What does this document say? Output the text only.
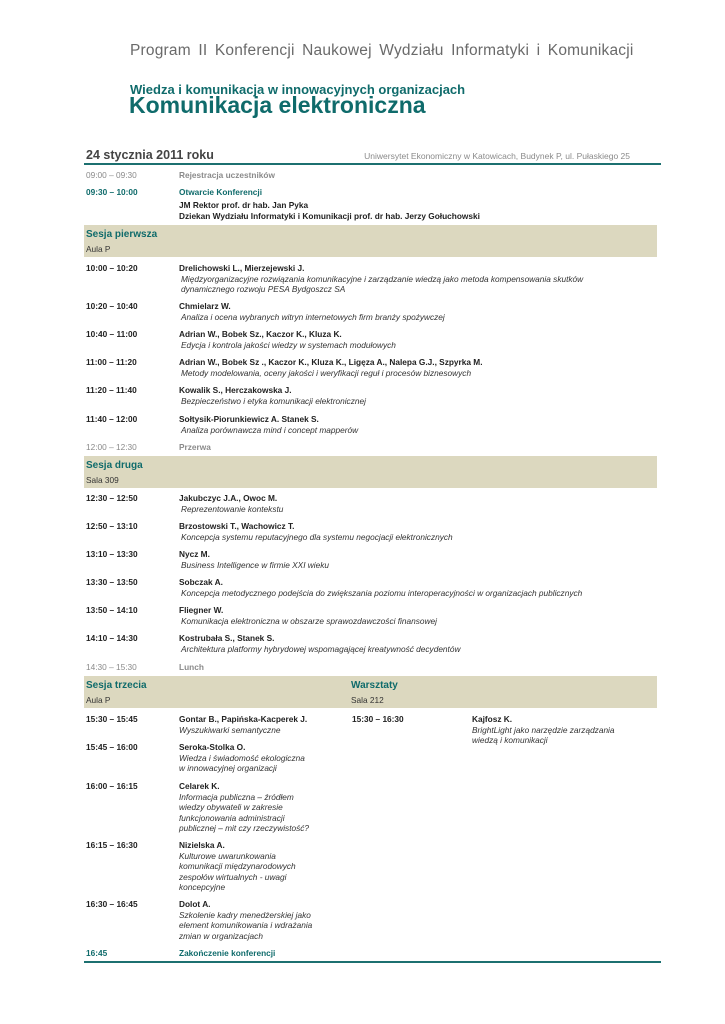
Program II Konferencji Naukowej Wydziału Informatyki i Komunikacji
Wiedza i komunikacja w innowacyjnych organizacjach
Komunikacja elektroniczna
24 stycznia 2011 roku	Uniwersytet Ekonomiczny w Katowicach, Budynek P, ul. Pułaskiego 25
09:00 – 09:30	Rejestracja uczestników
09:30 – 10:00	Otwarcie Konferencji
JM Rektor prof. dr hab. Jan Pyka
Dziekan Wydziału Informatyki i Komunikacji prof. dr hab. Jerzy Gołuchowski
Sesja pierwsza
Aula P
10:00 – 10:20	Drelichowski L., Mierzejewski J.
Międzyorganizacyjne rozwiązania komunikacyjne i zarządzanie wiedzą jako metoda kompensowania skutków
dynamicznego rozwoju PESA Bydgoszcz SA
10:20 – 10:40	Chmielarz W.
Analiza i ocena wybranych witryn internetowych firm branży spożywczej
10:40 – 11:00	Adrian W., Bobek Sz., Kaczor K., Kluza K.
Edycja i kontrola jakości wiedzy w systemach modułowych
11:00 – 11:20	Adrian W., Bobek Sz ., Kaczor K., Kluza K., Ligęza A., Nalepa G.J., Szpyrka M.
Metody modelowania, oceny jakości i weryfikacji reguł i procesów biznesowych
11:20 – 11:40	Kowalik S., Herczakowska J.
Bezpieczeństwo i etyka komunikacji elektronicznej
11:40 – 12:00	Sołtysik-Piorunkiewicz A. Stanek S.
Analiza porównawcza mind i concept mapperów
12:00 – 12:30	Przerwa
Sesja druga
Sala 309
12:30 – 12:50	Jakubczyc J.A., Owoc M.
Reprezentowanie kontekstu
12:50 – 13:10	Brzostowski T., Wachowicz T.
Koncepcja systemu reputacyjnego dla systemu negocjacji elektronicznych
13:10 – 13:30	Nycz M.
Business Intelligence w firmie XXI wieku
13:30 – 13:50	Sobczak A.
Koncepcja metodycznego podejścia do zwiększania poziomu interoperacyjności w organizacjach publicznych
13:50 – 14:10	Fliegner W.
Komunikacja elektroniczna w obszarze sprawozdawczości finansowej
14:10 – 14:30	Kostrubała S., Stanek S.
Architektura platformy hybrydowej wspomagającej kreatywność decydentów
14:30 – 15:30	Lunch
Sesja trzecia
Aula P
Warsztaty
Sala 212
15:30 – 15:45	Gontar B., Papińska-Kacperek J.
Wyszukiwarki semantyczne
15:30 – 16:30	Kajfosz K.
BrightLight jako narzędzie zarządzania
wiedzą i komunikacji
15:45 – 16:00	Seroka-Stolka O.
Wiedza i świadomość ekologiczna
w innowacyjnej organizacji
16:00 – 16:15	Celarek K.
Informacja publiczna – źródłem
wiedzy obywateli w zakresie
funkcjonowania administracji
publicznej – mit czy rzeczywistość?
16:15 – 16:30	Nizielska A.
Kulturowe uwarunkowania
komunikacji międzynarodowych
zespołów wirtualnych - uwagi
koncepcyjne
16:30 – 16:45	Dolot A.
Szkolenie kadry menedżerskiej jako
element komunikowania i wdrażania
zmian w organizacjach
16:45	Zakończenie konferencji
